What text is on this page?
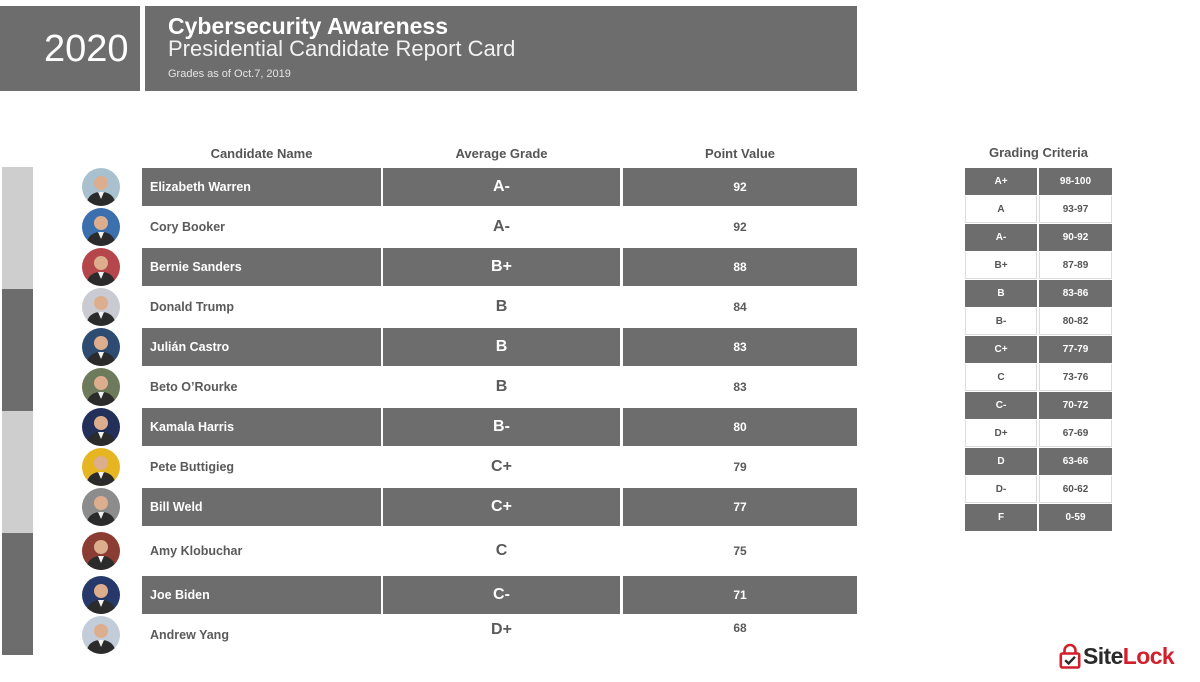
2020
Cybersecurity Awareness
Presidential Candidate Report Card
Grades as of Oct.7, 2019
Candidate Name	Average Grade	Point Value
Elizabeth Warren	A-	92
Cory Booker	A-	92
Bernie Sanders	B+	88
Donald Trump	B	84
Julián Castro	B	83
Beto O’Rourke	B	83
Kamala Harris	B-	80
Pete Buttigieg	C+	79
Bill Weld	C+	77
Amy Klobuchar	C	75
Joe Biden	C-	71
Andrew Yang	D+	68
Grading Criteria
A+	98-100
A	93-97
A-	90-92
B+	87-89
B	83-86
B-	80-82
C+	77-79
C	73-76
C-	70-72
D+	67-69
D	63-66
D-	60-62
F	0-59
Site Lock
